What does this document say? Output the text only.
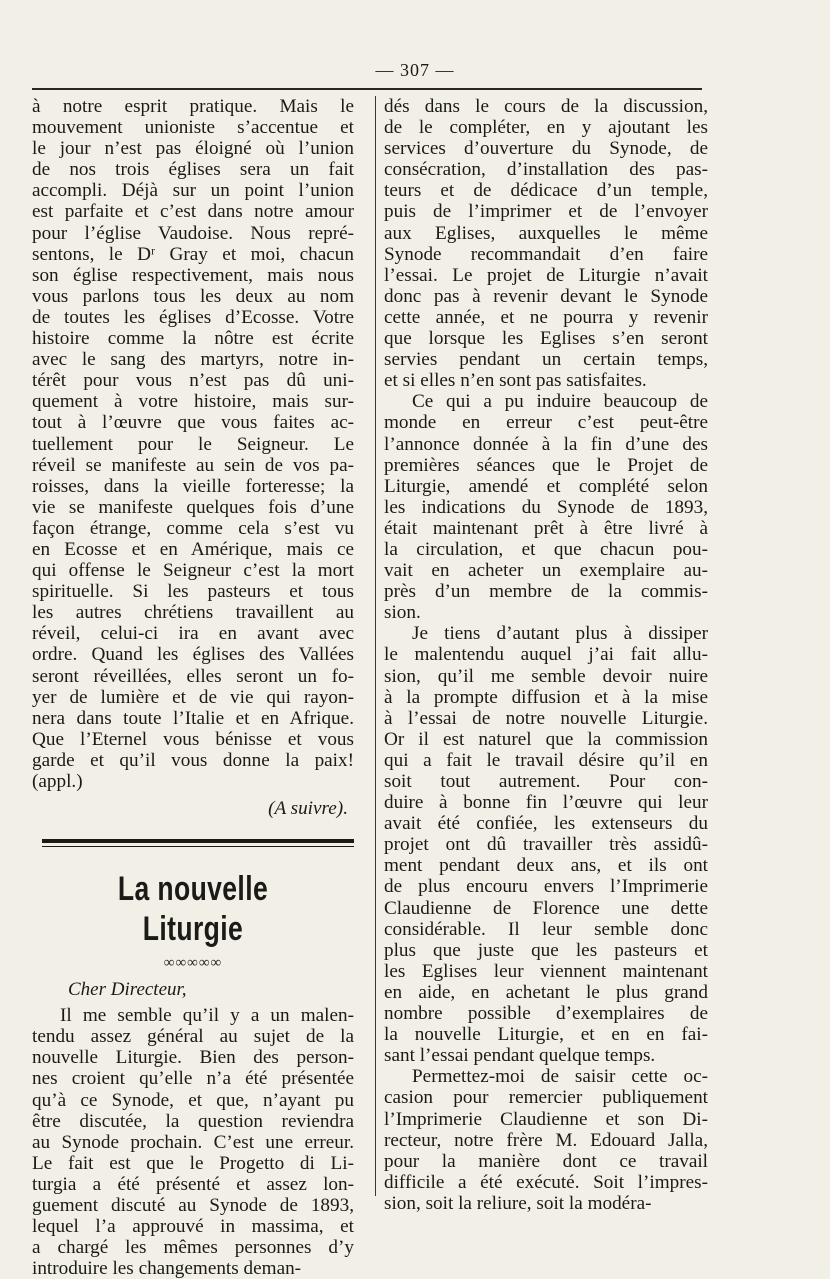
— 307 —
à notre esprit pratique. Mais le
mouvement unioniste s’accentue et
le jour n’est pas éloigné où l’union
de nos trois églises sera un fait
accompli. Déjà sur un point l’union
est parfaite et c’est dans notre amour
pour l’église Vaudoise. Nous repré-
sentons, le Dʳ Gray et moi, chacun
son église respectivement, mais nous
vous parlons tous les deux au nom
de toutes les églises d’Ecosse. Votre
histoire comme la nôtre est écrite
avec le sang des martyrs, notre in-
térêt pour vous n’est pas dû uni-
quement à votre histoire, mais sur-
tout à l’œuvre que vous faites ac-
tuellement pour le Seigneur. Le
réveil se manifeste au sein de vos pa-
roisses, dans la vieille forteresse; la
vie se manifeste quelques fois d’une
façon étrange, comme cela s’est vu
en Ecosse et en Amérique, mais ce
qui offense le Seigneur c’est la mort
spirituelle. Si les pasteurs et tous
les autres chrétiens travaillent au
réveil, celui-ci ira en avant avec
ordre. Quand les églises des Vallées
seront réveillées, elles seront un fo-
yer de lumière et de vie qui rayon-
nera dans toute l’Italie et en Afrique.
Que l’Eternel vous bénisse et vous
garde et qu’il vous donne la paix!
(appl.)
(A suivre).
La nouvelle Liturgie
∞∞∞∞∞
Cher Directeur,
Il me semble qu’il y a un malen-
tendu assez général au sujet de la
nouvelle Liturgie. Bien des person-
nes croient qu’elle n’a été présentée
qu’à ce Synode, et que, n’ayant pu
être discutée, la question reviendra
au Synode prochain. C’est une erreur.
Le fait est que le Progetto di Li-
turgia a été présenté et assez lon-
guement discuté au Synode de 1893,
lequel l’a approuvé in massima, et
a chargé les mêmes personnes d’y
introduire les changements deman-
dés dans le cours de la discussion,
de le compléter, en y ajoutant les
services d’ouverture du Synode, de
consécration, d’installation des pas-
teurs et de dédicace d’un temple,
puis de l’imprimer et de l’envoyer
aux Eglises, auxquelles le même
Synode recommandait d’en faire
l’essai. Le projet de Liturgie n’avait
donc pas à revenir devant le Synode
cette année, et ne pourra y revenir
que lorsque les Eglises s’en seront
servies pendant un certain temps,
et si elles n’en sont pas satisfaites.
Ce qui a pu induire beaucoup de
monde en erreur c’est peut-être
l’annonce donnée à la fin d’une des
premières séances que le Projet de
Liturgie, amendé et complété selon
les indications du Synode de 1893,
était maintenant prêt à être livré à
la circulation, et que chacun pou-
vait en acheter un exemplaire au-
près d’un membre de la commis-
sion.
Je tiens d’autant plus à dissiper
le malentendu auquel j’ai fait allu-
sion, qu’il me semble devoir nuire
à la prompte diffusion et à la mise
à l’essai de notre nouvelle Liturgie.
Or il est naturel que la commission
qui a fait le travail désire qu’il en
soit tout autrement. Pour con-
duire à bonne fin l’œuvre qui leur
avait été confiée, les extenseurs du
projet ont dû travailler très assidû-
ment pendant deux ans, et ils ont
de plus encouru envers l’Imprimerie
Claudienne de Florence une dette
considérable. Il leur semble donc
plus que juste que les pasteurs et
les Eglises leur viennent maintenant
en aide, en achetant le plus grand
nombre possible d’exemplaires de
la nouvelle Liturgie, et en en fai-
sant l’essai pendant quelque temps.
Permettez-moi de saisir cette oc-
casion pour remercier publiquement
l’Imprimerie Claudienne et son Di-
recteur, notre frère M. Edouard Jalla,
pour la manière dont ce travail
difficile a été exécuté. Soit l’impres-
sion, soit la reliure, soit la modéra-
